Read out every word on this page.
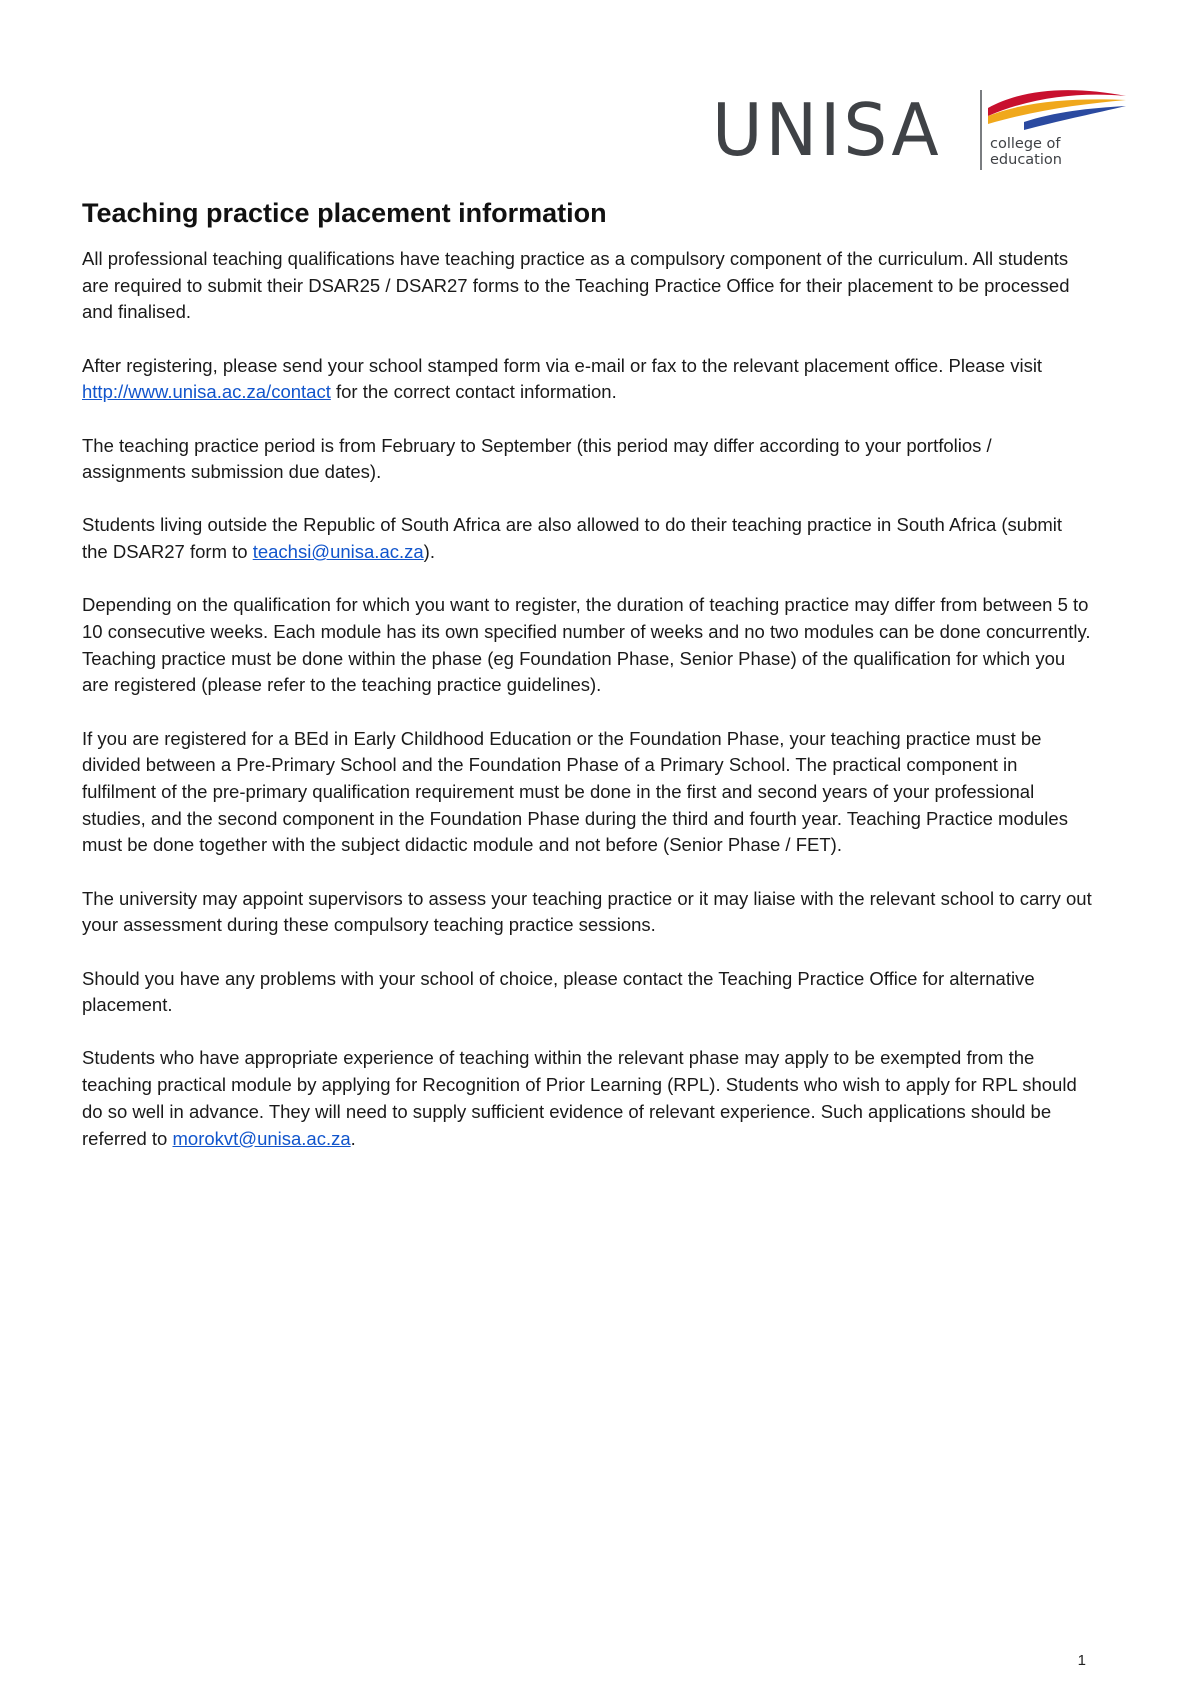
UNISA	college of
education
Teaching practice placement information

All professional teaching qualifications have teaching practice as a compulsory component of the curriculum. All students are required to submit their DSAR25 / DSAR27 forms to the Teaching Practice Office for their placement to be processed and finalised.

After registering, please send your school stamped form via e-mail or fax to the relevant placement office. Please visit http://www.unisa.ac.za/contact for the correct contact information.

The teaching practice period is from February to September (this period may differ according to your portfolios / assignments submission due dates).

Students living outside the Republic of South Africa are also allowed to do their teaching practice in South Africa (submit the DSAR27 form to teachsi@unisa.ac.za).

Depending on the qualification for which you want to register, the duration of teaching practice may differ from between 5 to 10 consecutive weeks. Each module has its own specified number of weeks and no two modules can be done concurrently. Teaching practice must be done within the phase (eg Foundation Phase, Senior Phase) of the qualification for which you are registered (please refer to the teaching practice guidelines).

If you are registered for a BEd in Early Childhood Education or the Foundation Phase, your teaching practice must be divided between a Pre-Primary School and the Foundation Phase of a Primary School. The practical component in fulfilment of the pre-primary qualification requirement must be done in the first and second years of your professional studies, and the second component in the Foundation Phase during the third and fourth year. Teaching Practice modules must be done together with the subject didactic module and not before (Senior Phase / FET).

The university may appoint supervisors to assess your teaching practice or it may liaise with the relevant school to carry out your assessment during these compulsory teaching practice sessions.

Should you have any problems with your school of choice, please contact the Teaching Practice Office for alternative placement.

Students who have appropriate experience of teaching within the relevant phase may apply to be exempted from the teaching practical module by applying for Recognition of Prior Learning (RPL). Students who wish to apply for RPL should do so well in advance. They will need to supply sufficient evidence of relevant experience. Such applications should be referred to morokvt@unisa.ac.za.

1
